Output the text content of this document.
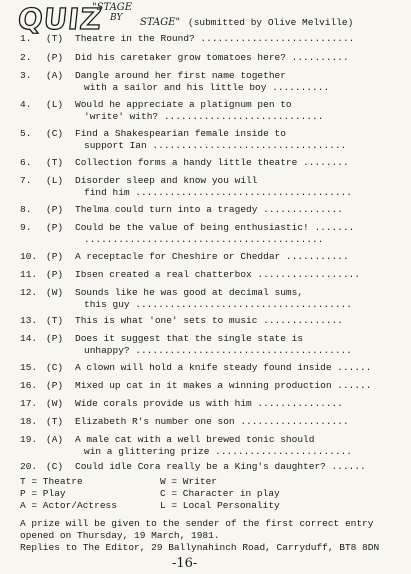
QUIZ
"STAGE
BY STAGE" (submitted by Olive Melville)
1.	(T) Theatre in the Round? ...........................
2.	(P) Did his caretaker grow tomatoes here? ..........
3.	(A) Dangle around her first name together
with a sailor and his little boy ..........
4.	(L) Would he appreciate a platignum pen to
'write' with? ............................
5.	(C) Find a Shakespearian female inside to
support Ian ..................................
6.	(T) Collection forms a handy little theatre ........
7.	(L) Disorder sleep and know you will
find him ......................................
8.	(P) Thelma could turn into a tragedy ..............
9.	(P) Could be the value of being enthusiastic! .......
..........................................
10. (P) A receptacle for Cheshire or Cheddar ...........
11. (P) Ibsen created a real chatterbox ..................
12. (W) Sounds like he was good at decimal sums,
this guy ......................................
13. (T) This is what 'one' sets to music ..............
14. (P) Does it suggest that the single state is
unhappy? ......................................
15. (C) A clown will hold a knife steady found inside ......
16. (P) Mixed up cat in it makes a winning production ......
17. (W) Wide corals provide us with him ...............
18. (T) Elizabeth R's number one son ...................
19. (A) A male cat with a well brewed tonic should
win a glittering prize ........................
20. (C) Could idle Cora really be a King's daughter? ......
T = Theatre	W = Writer
P = Play	C = Character in play
A = Actor/Actress	L = Local Personality
A prize will be given to the sender of the first correct entry
opened on Thursday, 19 March, 1981.
Replies to The Editor, 29 Ballynahinch Road, Carryduff, BT8 8DN
-16-
